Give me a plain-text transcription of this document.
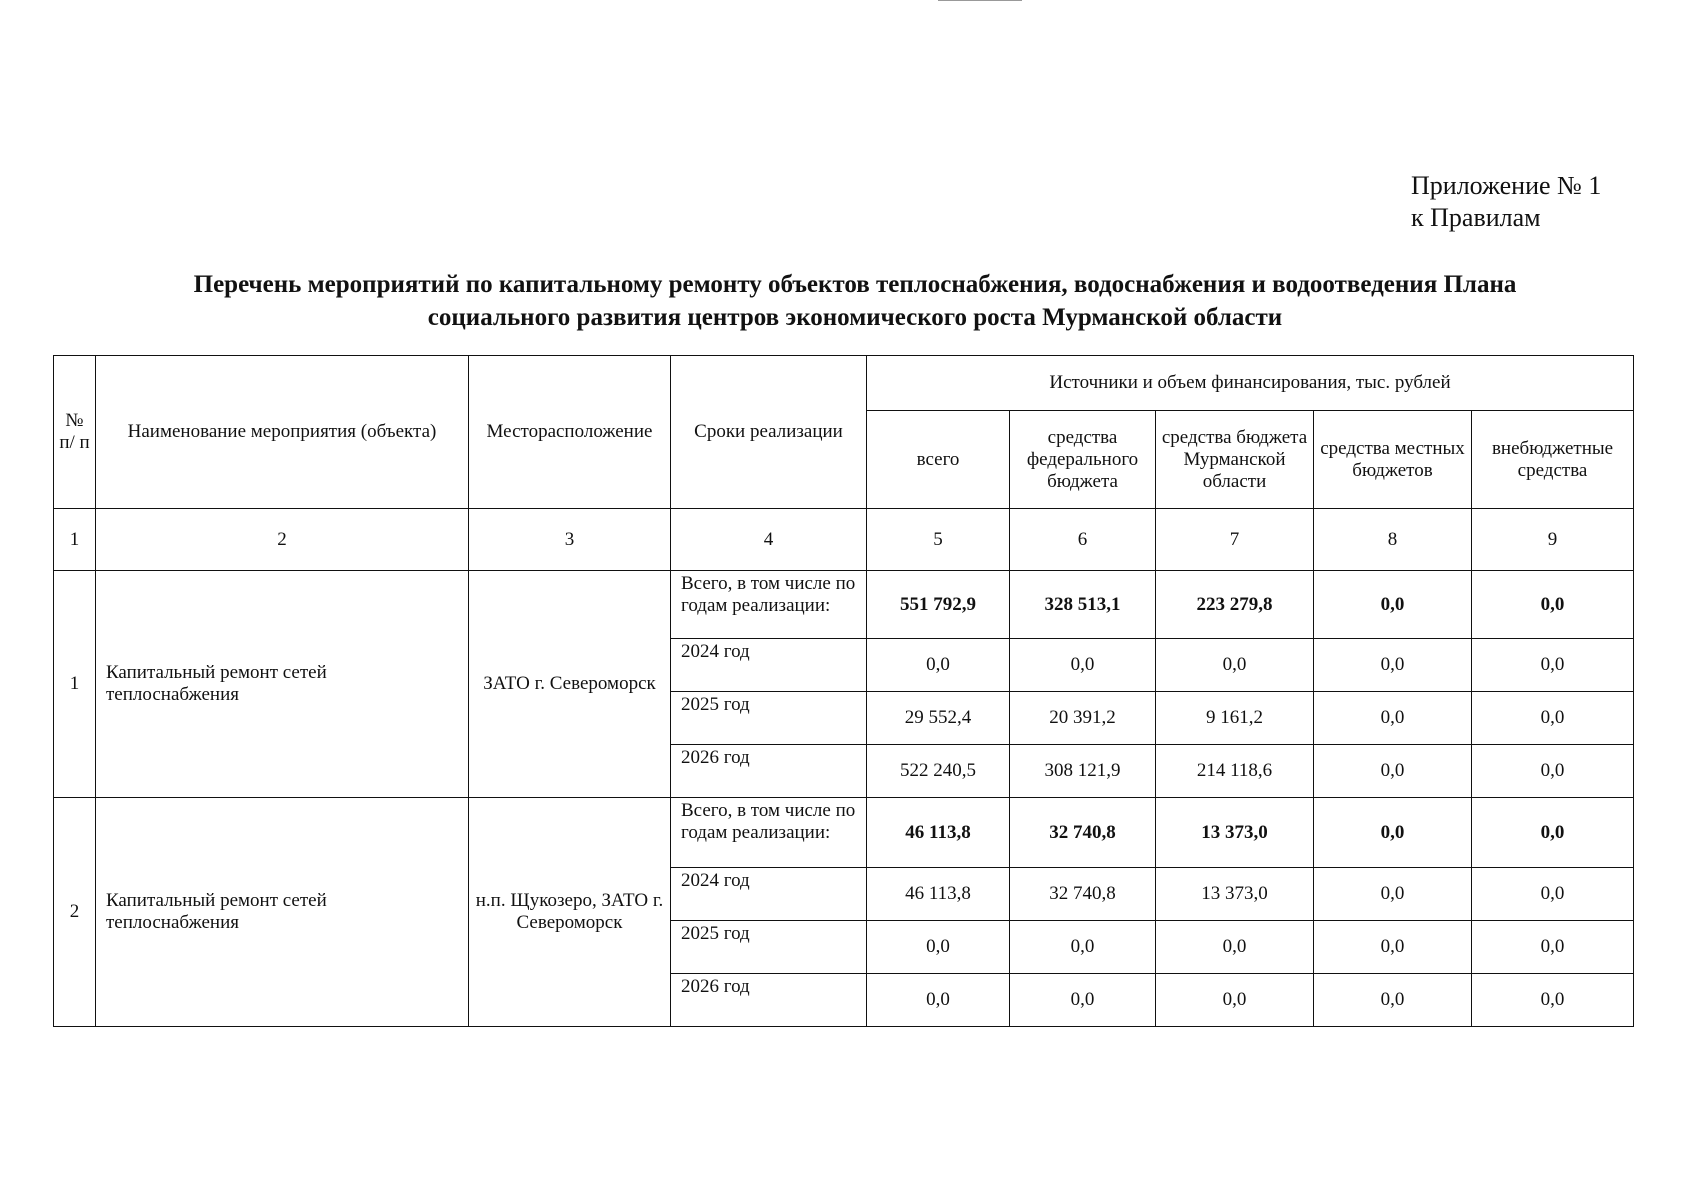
Приложение № 1
к Правилам
Перечень мероприятий по капитальному ремонту объектов теплоснабжения, водоснабжения и водоотведения Плана
социального развития центров экономического роста Мурманской области
№ п/ п	Наименование мероприятия (объекта)	Месторасположение	Сроки реализации	Источники и объем финансирования, тыс. рублей				
				всего	средства федерального бюджета	средства бюджета Мурманской области	средства местных бюджетов	внебюджетные средства
1	2	3	4	5	6	7	8	9
1	Капитальный ремонт сетей теплоснабжения	ЗАТО г. Североморск	Всего, в том числе по годам реализации:	551 792,9	328 513,1	223 279,8	0,0	0,0
			2024 год	0,0	0,0	0,0	0,0	0,0
			2025 год	29 552,4	20 391,2	9 161,2	0,0	0,0
			2026 год	522 240,5	308 121,9	214 118,6	0,0	0,0
2	Капитальный ремонт сетей теплоснабжения	н.п. Щукозеро, ЗАТО г. Североморск	Всего, в том числе по годам реализации:	46 113,8	32 740,8	13 373,0	0,0	0,0
			2024 год	46 113,8	32 740,8	13 373,0	0,0	0,0
			2025 год	0,0	0,0	0,0	0,0	0,0
			2026 год	0,0	0,0	0,0	0,0	0,0
